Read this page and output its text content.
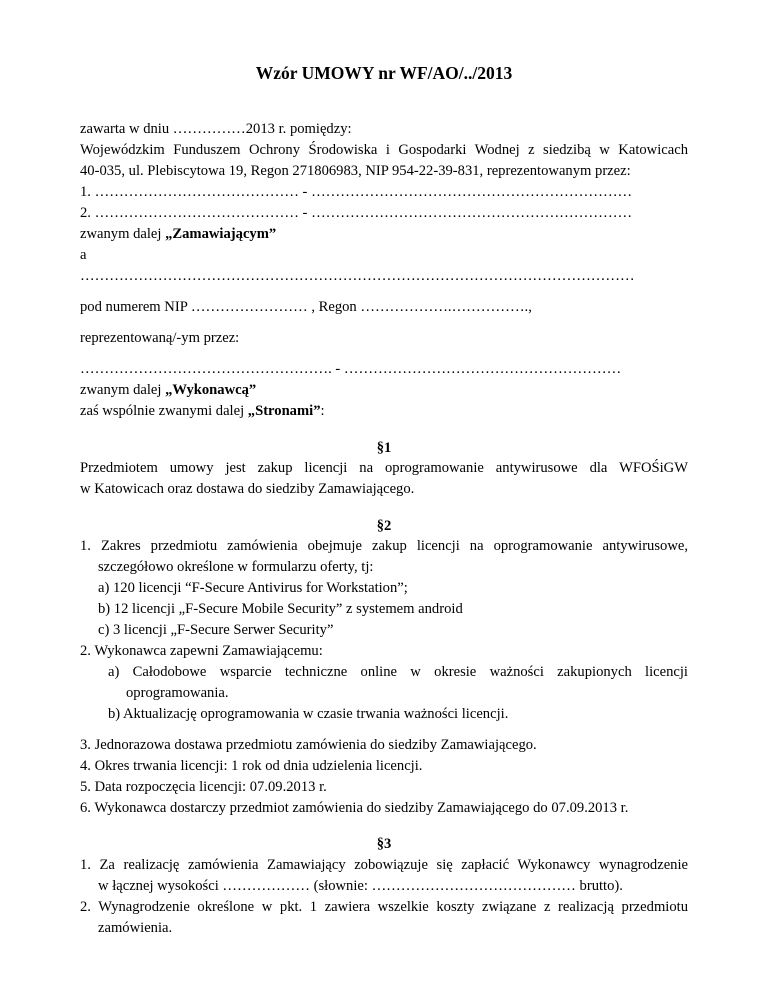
Wzór UMOWY nr WF/AO/../2013
zawarta w dniu ……………2013 r. pomiędzy:
Wojewódzkim Funduszem Ochrony Środowiska i Gospodarki Wodnej z siedzibą w Katowicach
40-035, ul. Plebiscytowa 19, Regon 271806983, NIP 954-22-39-831, reprezentowanym przez:
1. …………………………………… - …………………………………………………………
2. …………………………………… - …………………………………………………………
zwanym dalej „Zamawiającym”
a
……………………………………………………………………………………………………
pod numerem NIP …………………… , Regon ……………….…………….,
reprezentowaną/-ym przez:
……………………………………………. - …………………………………………………
zwanym dalej „Wykonawcą”
zaś wspólnie zwanymi dalej „Stronami”:
§1
Przedmiotem umowy jest zakup licencji na oprogramowanie antywirusowe dla WFOŚiGW
w Katowicach oraz dostawa do siedziby Zamawiającego.
§2
1. Zakres przedmiotu zamówienia obejmuje zakup licencji na oprogramowanie antywirusowe,
szczegółowo określone w formularzu oferty, tj:
a) 120 licencji “F-Secure Antivirus for Workstation”;
b) 12 licencji „F-Secure Mobile Security” z systemem android
c) 3 licencji „F-Secure Serwer Security”
2. Wykonawca zapewni Zamawiającemu:
a) Całodobowe wsparcie techniczne online w okresie ważności zakupionych licencji
oprogramowania.
b) Aktualizację oprogramowania w czasie trwania ważności licencji.
3. Jednorazowa dostawa przedmiotu zamówienia do siedziby Zamawiającego.
4. Okres trwania licencji: 1 rok od dnia udzielenia licencji.
5. Data rozpoczęcia licencji: 07.09.2013 r.
6. Wykonawca dostarczy przedmiot zamówienia do siedziby Zamawiającego do 07.09.2013 r.
§3
1. Za realizację zamówienia Zamawiający zobowiązuje się zapłacić Wykonawcy wynagrodzenie
w łącznej wysokości ……………… (słownie: …………………………………… brutto).
2. Wynagrodzenie określone w pkt. 1 zawiera wszelkie koszty związane z realizacją przedmiotu
zamówienia.
